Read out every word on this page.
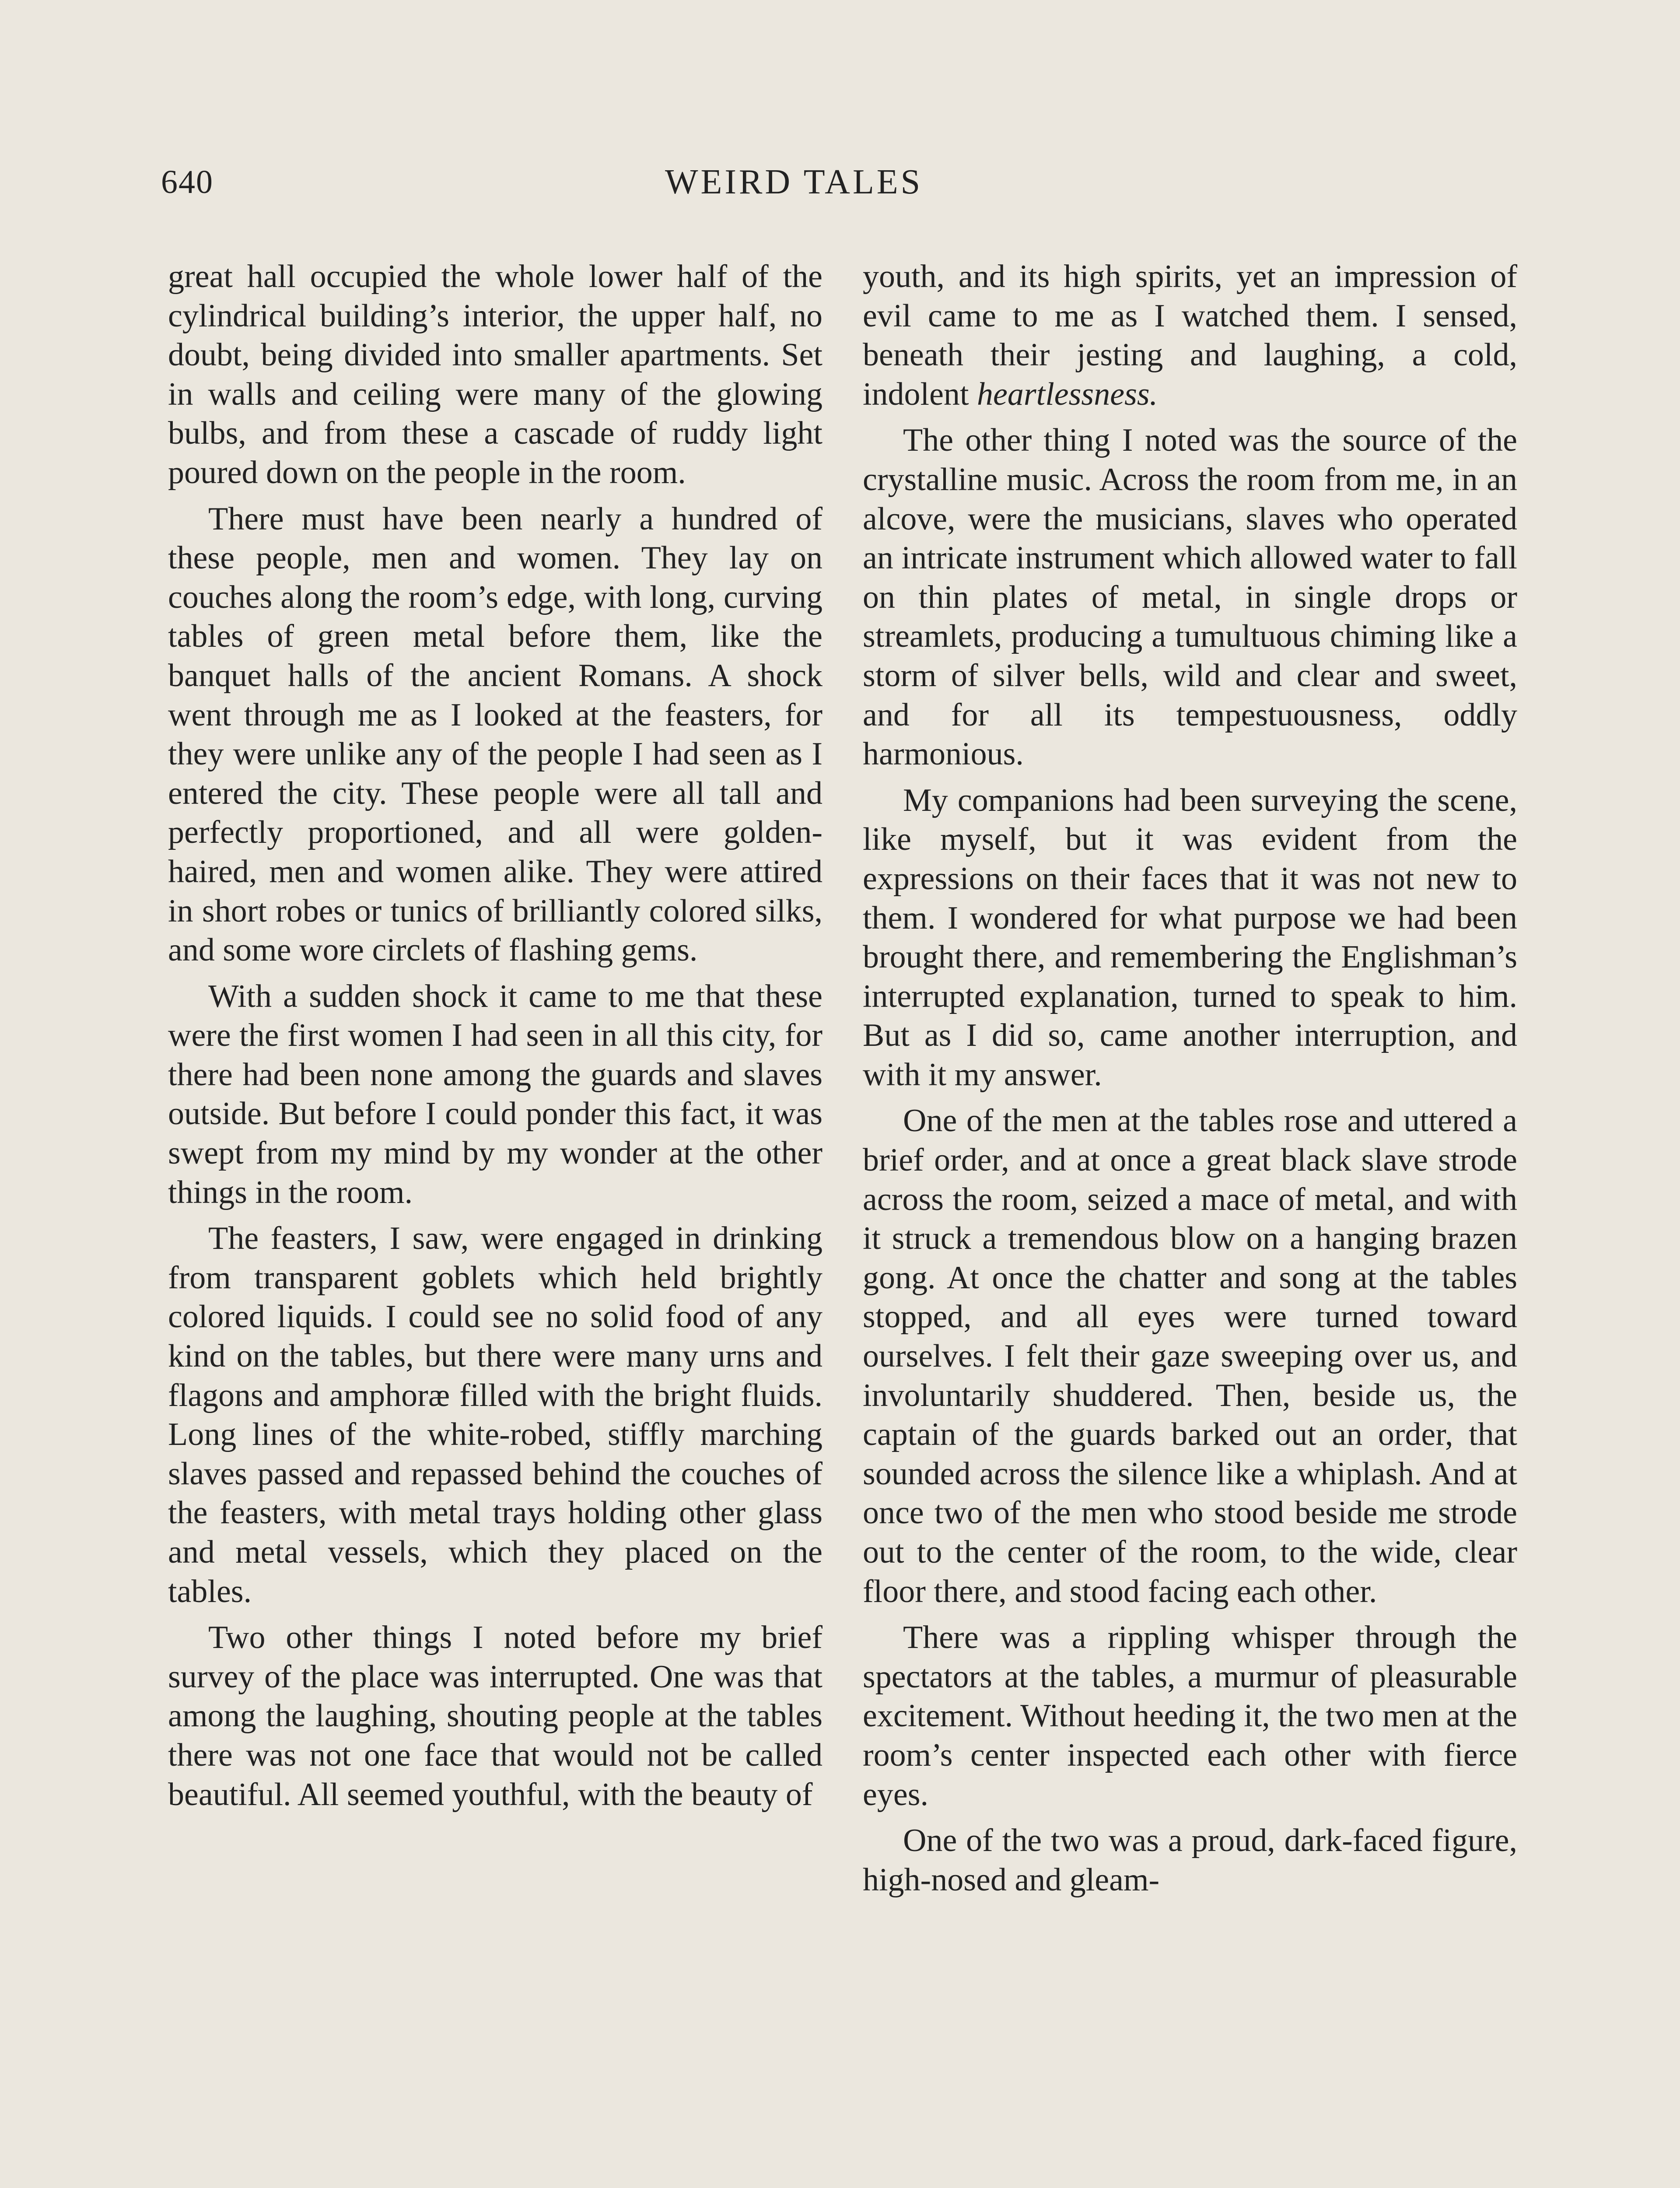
640	WEIRD TALES

great hall occupied the whole lower half of the cylindrical building’s interior, the upper half, no doubt, being divided into smaller apartments. Set in walls and ceiling were many of the glowing bulbs, and from these a cascade of ruddy light poured down on the people in the room.

There must have been nearly a hundred of these people, men and women. They lay on couches along the room’s edge, with long, curving tables of green metal before them, like the banquet halls of the ancient Romans. A shock went through me as I looked at the feasters, for they were unlike any of the people I had seen as I entered the city. These people were all tall and perfectly proportioned, and all were golden-haired, men and women alike. They were attired in short robes or tunics of brilliantly colored silks, and some wore circlets of flashing gems.

With a sudden shock it came to me that these were the first women I had seen in all this city, for there had been none among the guards and slaves outside. But before I could ponder this fact, it was swept from my mind by my wonder at the other things in the room.

The feasters, I saw, were engaged in drinking from transparent goblets which held brightly colored liquids. I could see no solid food of any kind on the tables, but there were many urns and flagons and amphoræ filled with the bright fluids. Long lines of the white-robed, stiffly marching slaves passed and repassed behind the couches of the feasters, with metal trays holding other glass and metal vessels, which they placed on the tables.

Two other things I noted before my brief survey of the place was interrupted. One was that among the laughing, shouting people at the tables there was not one face that would not be called beautiful. All seemed youthful, with the beauty of

youth, and its high spirits, yet an impression of evil came to me as I watched them. I sensed, beneath their jesting and laughing, a cold, indolent heartlessness.

The other thing I noted was the source of the crystalline music. Across the room from me, in an alcove, were the musicians, slaves who operated an intricate instrument which allowed water to fall on thin plates of metal, in single drops or streamlets, producing a tumultuous chiming like a storm of silver bells, wild and clear and sweet, and for all its tempestuousness, oddly harmonious.

My companions had been surveying the scene, like myself, but it was evident from the expressions on their faces that it was not new to them. I wondered for what purpose we had been brought there, and remembering the Englishman’s interrupted explanation, turned to speak to him. But as I did so, came another interruption, and with it my answer.

One of the men at the tables rose and uttered a brief order, and at once a great black slave strode across the room, seized a mace of metal, and with it struck a tremendous blow on a hanging brazen gong. At once the chatter and song at the tables stopped, and all eyes were turned toward ourselves. I felt their gaze sweeping over us, and involuntarily shuddered. Then, beside us, the captain of the guards barked out an order, that sounded across the silence like a whiplash. And at once two of the men who stood beside me strode out to the center of the room, to the wide, clear floor there, and stood facing each other.

There was a rippling whisper through the spectators at the tables, a murmur of pleasurable excitement. Without heeding it, the two men at the room’s center inspected each other with fierce eyes.

One of the two was a proud, dark-faced figure, high-nosed and gleam-
